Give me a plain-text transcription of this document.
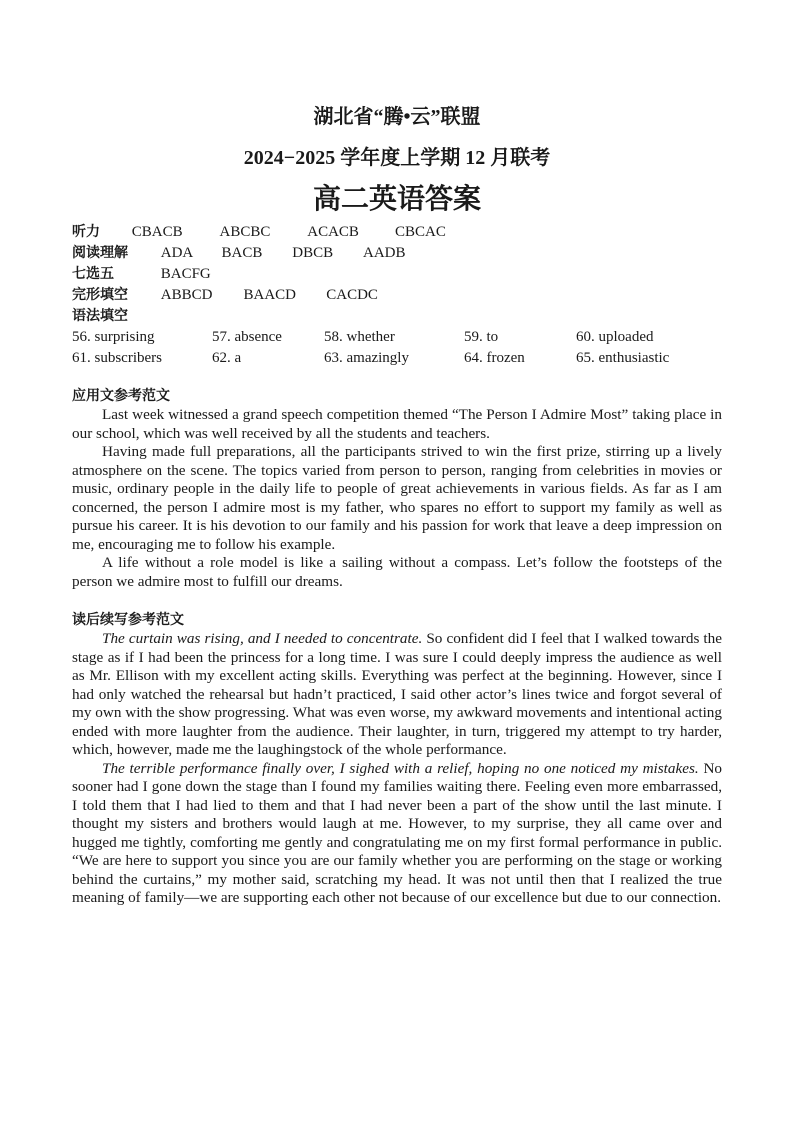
湖北省“腾•云”联盟
2024−2025 学年度上学期 12 月联考
高二英语答案
听力 CBACB ABCBC ACACB CBCAC
阅读理解 ADA BACB DBCB AADB
七选五	BACFG
完形填空 ABBCD BAACD CACDC
语法填空
56. surprising	57. absence	58. whether	59. to	60. uploaded
61. subscribers	62. a	63. amazingly	64. frozen	65. enthusiastic
应用文参考范文

Last week witnessed a grand speech competition themed “The Person I Admire Most” taking place in our school, which was well received by all the students and teachers.

Having made full preparations, all the participants strived to win the first prize, stirring up a lively atmosphere on the scene. The topics varied from person to person, ranging from celebrities in movies or music, ordinary people in the daily life to people of great achievements in various fields. As far as I am concerned, the person I admire most is my father, who spares no effort to support my family as well as pursue his career. It is his devotion to our family and his passion for work that leave a deep impression on me, encouraging me to follow his example.

A life without a role model is like a sailing without a compass. Let’s follow the footsteps of the person we admire most to fulfill our dreams.

读后续写参考范文

The curtain was rising, and I needed to concentrate. So confident did I feel that I walked towards the stage as if I had been the princess for a long time. I was sure I could deeply impress the audience as well as Mr. Ellison with my excellent acting skills. Everything was perfect at the beginning. However, since I had only watched the rehearsal but hadn’t practiced, I said other actor’s lines twice and forgot several of my own with the show progressing. What was even worse, my awkward movements and intentional acting ended with more laughter from the audience. Their laughter, in turn, triggered my attempt to try harder, which, however, made me the laughingstock of the whole performance.

The terrible performance finally over, I sighed with a relief, hoping no one noticed my mistakes. No sooner had I gone down the stage than I found my families waiting there. Feeling even more embarrassed, I told them that I had lied to them and that I had never been a part of the show until the last minute. I thought my sisters and brothers would laugh at me. However, to my surprise, they all came over and hugged me tightly, comforting me gently and congratulating me on my first formal performance in public. “We are here to support you since you are our family whether you are performing on the stage or working behind the curtains,” my mother said, scratching my head. It was not until then that I realized the true meaning of family—we are supporting each other not because of our excellence but due to our connection.
